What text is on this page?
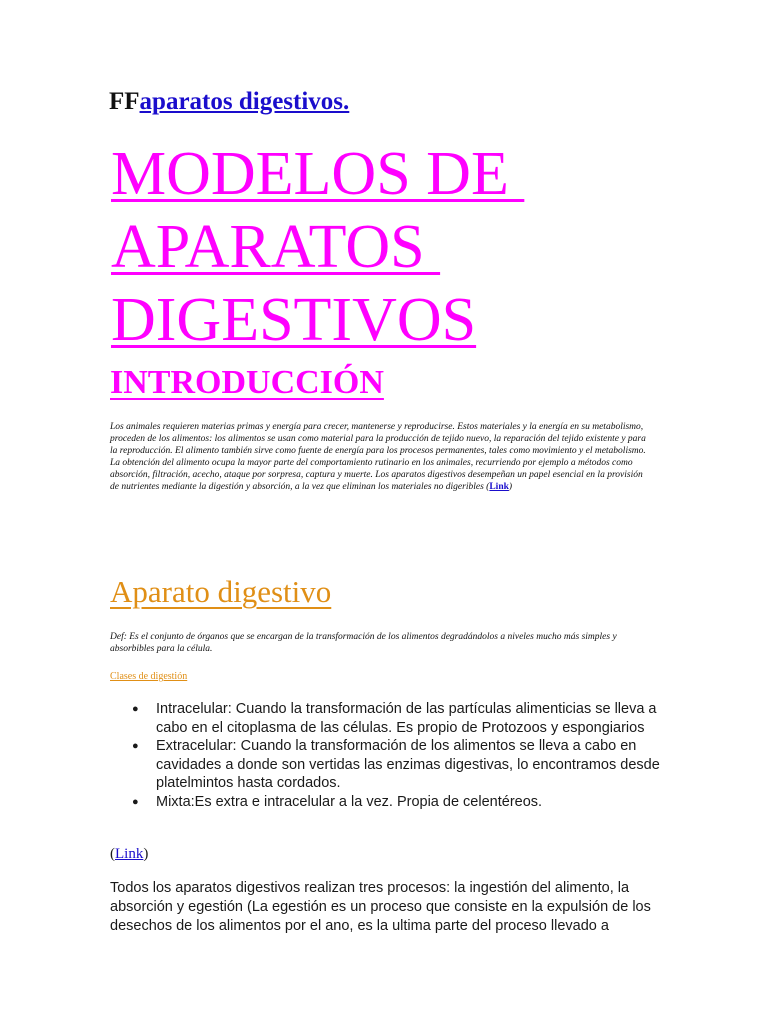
FFaparatos digestivos.
MODELOS DE
APARATOS
DIGESTIVOS
INTRODUCCIÓN

Los animales requieren materias primas y energía para crecer, mantenerse y reproducirse. Estos materiales y la energía en su metabolismo, proceden de los alimentos: los alimentos se usan como material para la producción de tejido nuevo, la reparación del tejido existente y para la reproducción. El alimento también sirve como fuente de energía para los procesos permanentes, tales como movimiento y el metabolismo. La obtención del alimento ocupa la mayor parte del comportamiento rutinario en los animales, recurriendo por ejemplo a métodos como absorción, filtración, acecho, ataque por sorpresa, captura y muerte. Los aparatos digestivos desempeñan un papel esencial en la provisión de nutrientes mediante la digestión y absorción, a la vez que eliminan los materiales no digeribles (Link)

Aparato digestivo

Def: Es el conjunto de órganos que se encargan de la transformación de los alimentos degradándolos a niveles mucho más simples y absorbibles para la célula.

Clases de digestión
● Intracelular: Cuando la transformación de las partículas alimenticias se lleva a cabo en el citoplasma de las células. Es propio de Protozoos y espongiarios
● Extracelular: Cuando la transformación de los alimentos se lleva a cabo en cavidades a donde son vertidas las enzimas digestivas, lo encontramos desde platelmintos hasta cordados.
● Mixta:Es extra e intracelular a la vez. Propia de celentéreos.
(Link)

Todos los aparatos digestivos realizan tres procesos: la ingestión del alimento, la absorción y egestión (La egestión es un proceso que consiste en la expulsión de los desechos de los alimentos por el ano, es la ultima parte del proceso llevado a
